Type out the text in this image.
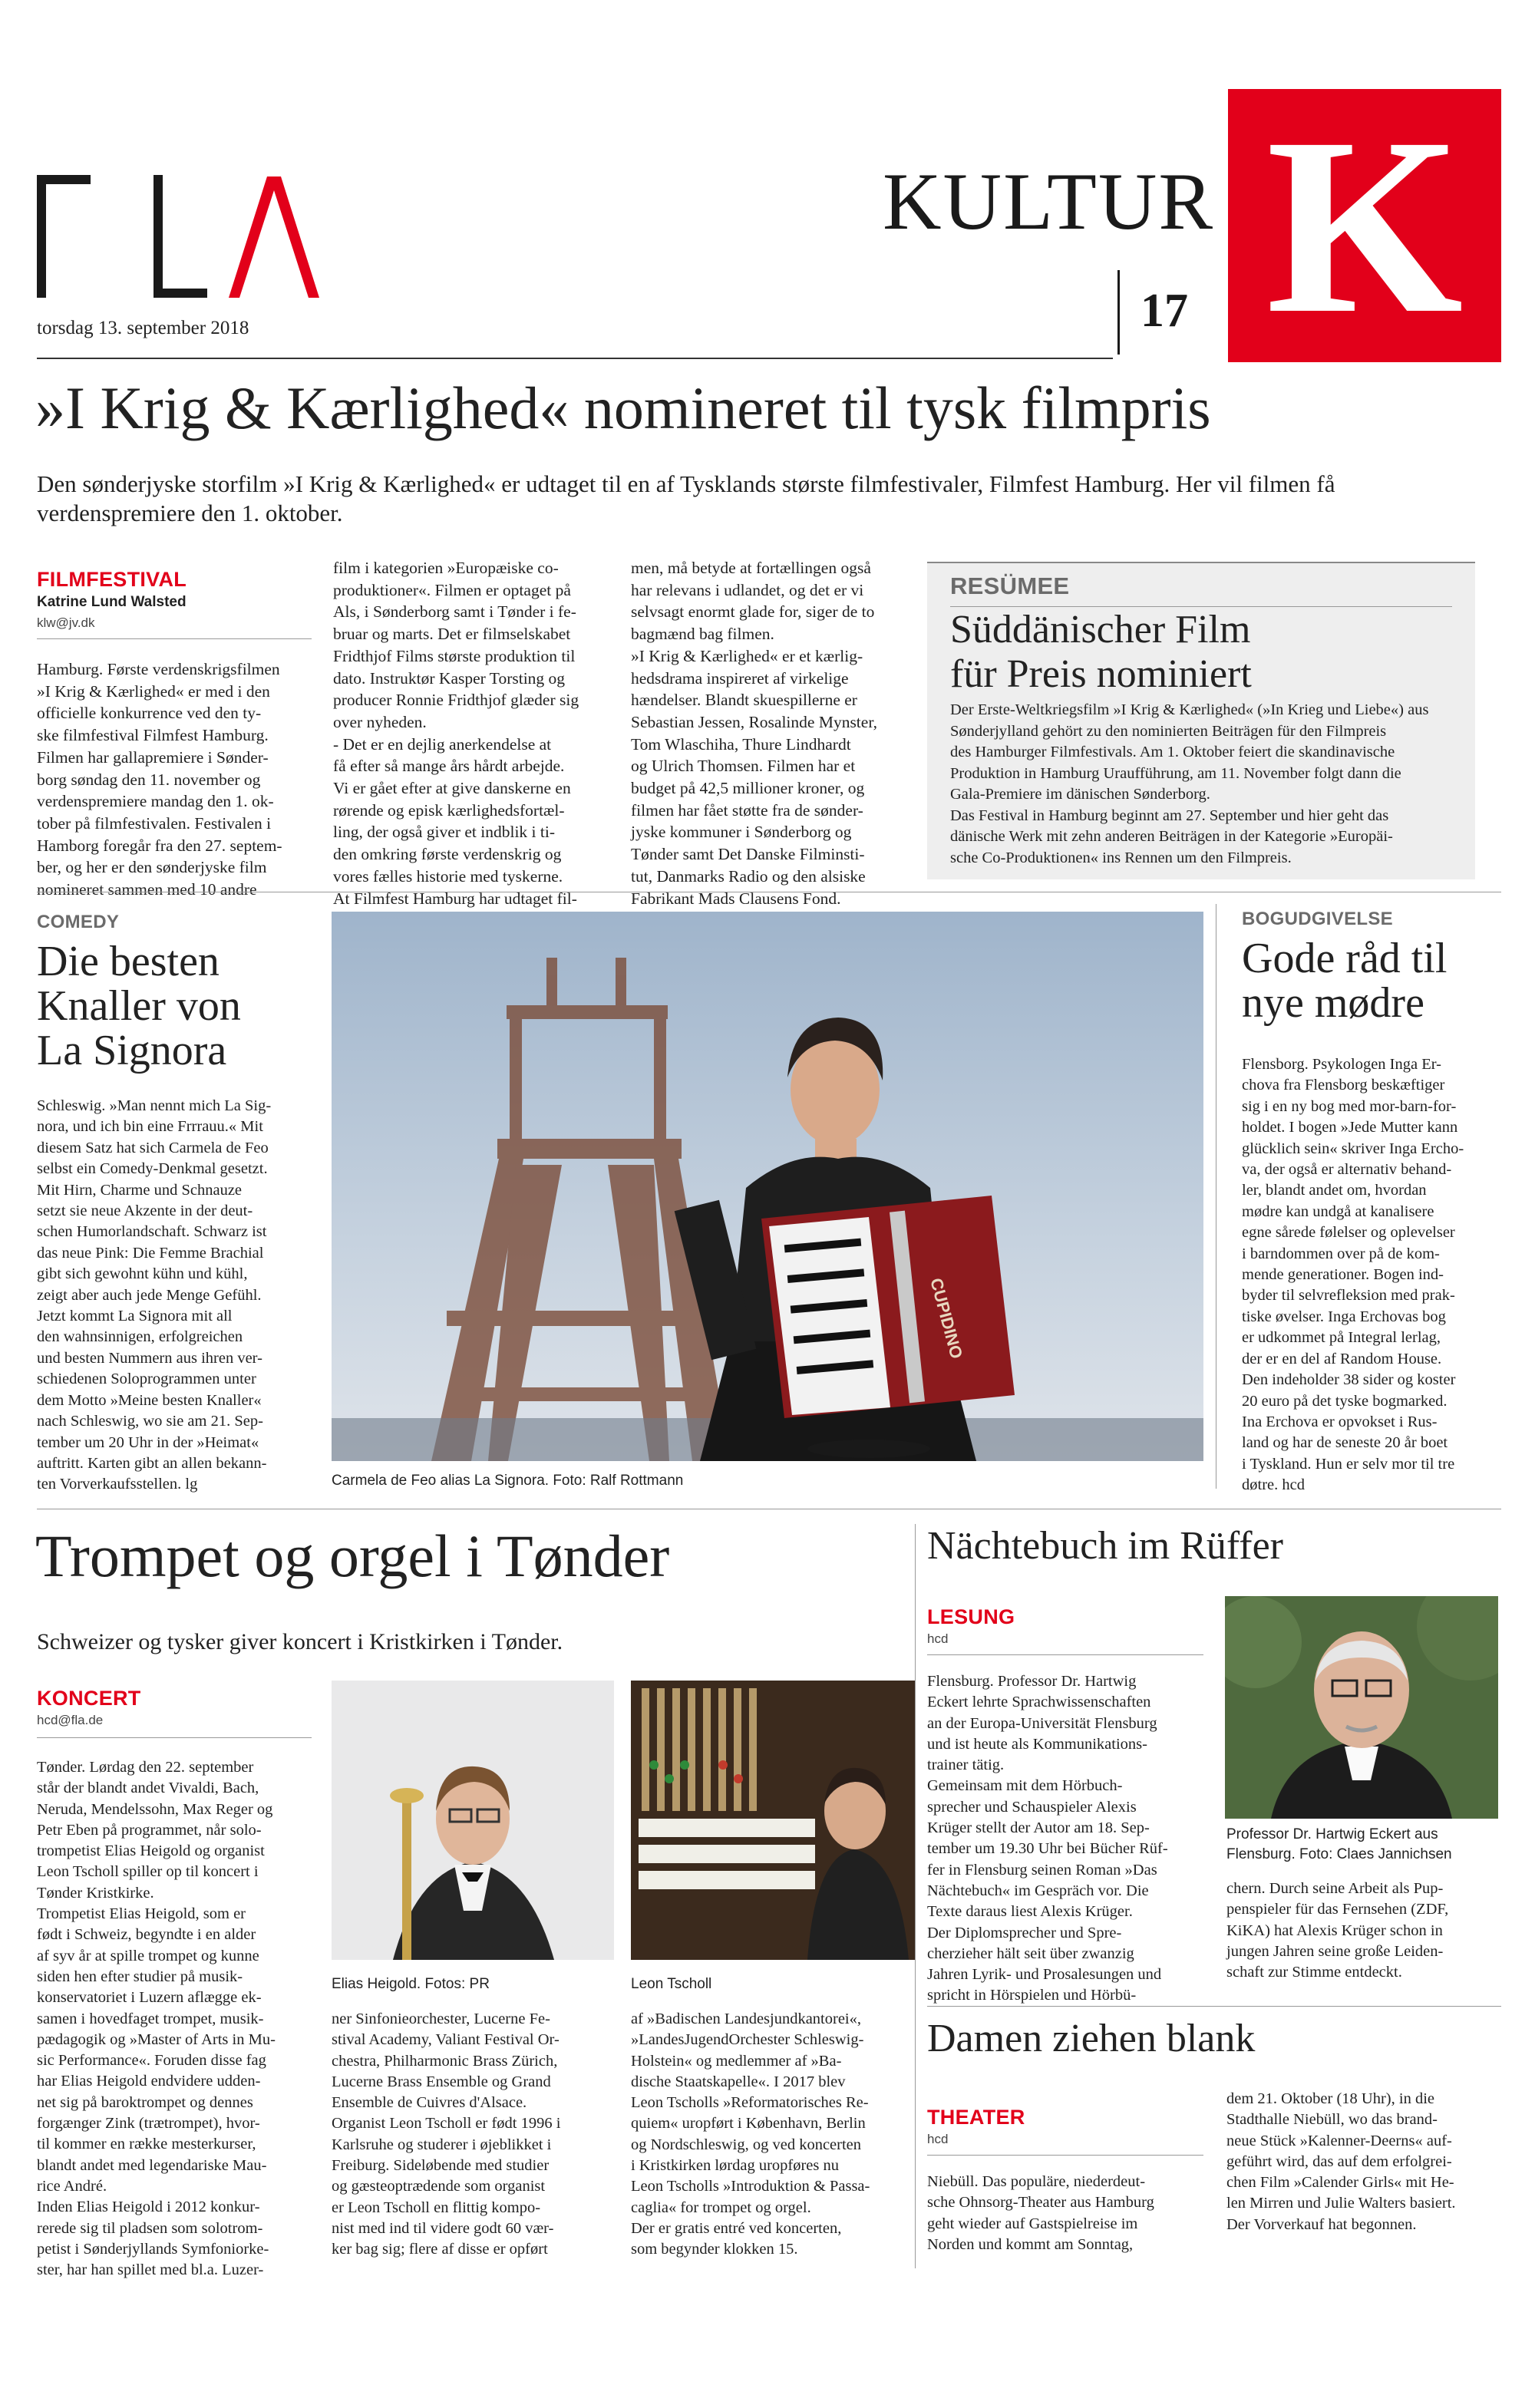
torsdag 13. september 2018
KULTUR
17 K
»I Krig & Kærlighed« nomineret til tysk filmpris

Den sønderjyske storfilm »I Krig & Kærlighed« er udtaget til en af Tysklands største filmfestivaler, Filmfest Hamburg. Her vil filmen få verdenspremiere den 1. oktober.

FILMFESTIVAL
Katrine Lund Walsted
klw@jv.dk

Hamburg. Første verdenskrigsfilmen
»I Krig & Kærlighed« er med i den
officielle konkurrence ved den ty-
ske filmfestival Filmfest Hamburg.
Filmen har gallapremiere i Sønder-
borg søndag den 11. november og
verdenspremiere mandag den 1. ok-
tober på filmfestivalen. Festivalen i
Hamborg foregår fra den 27. septem-
ber, og her er den sønderjyske film
nomineret sammen med 10 andre

film i kategorien »Europæiske co-
produktioner«. Filmen er optaget på
Als, i Sønderborg samt i Tønder i fe-
bruar og marts. Det er filmselskabet
Fridthjof Films største produktion til
dato. Instruktør Kasper Torsting og
producer Ronnie Fridthjof glæder sig
over nyheden.
- Det er en dejlig anerkendelse at
få efter så mange års hårdt arbejde.
Vi er gået efter at give danskerne en
rørende og episk kærlighedsfortæl-
ling, der også giver et indblik i ti-
den omkring første verdenskrig og
vores fælles historie med tyskerne.
At Filmfest Hamburg har udtaget fil-

men, må betyde at fortællingen også
har relevans i udlandet, og det er vi
selvsagt enormt glade for, siger de to
bagmænd bag filmen.
»I Krig & Kærlighed« er et kærlig-
hedsdrama inspireret af virkelige
hændelser. Blandt skuespillerne er
Sebastian Jessen, Rosalinde Mynster,
Tom Wlaschiha, Thure Lindhardt
og Ulrich Thomsen. Filmen har et
budget på 42,5 millioner kroner, og
filmen har fået støtte fra de sønder-
jyske kommuner i Sønderborg og
Tønder samt Det Danske Filminsti-
tut, Danmarks Radio og den alsiske
Fabrikant Mads Clausens Fond.

RESÜMEE
Süddänischer Film
für Preis nominiert

Der Erste-Weltkriegsfilm »I Krig & Kærlighed« (»In Krieg und Liebe«) aus
Sønderjylland gehört zu den nominierten Beiträgen für den Filmpreis
des Hamburger Filmfestivals. Am 1. Oktober feiert die skandinavische
Produktion in Hamburg Uraufführung, am 11. November folgt dann die
Gala-Premiere im dänischen Sønderborg.
Das Festival in Hamburg beginnt am 27. September und hier geht das
dänische Werk mit zehn anderen Beiträgen in der Kategorie »Europäi-
sche Co-Produktionen« ins Rennen um den Filmpreis.

COMEDY
Die besten
Knaller von
La Signora

Schleswig. »Man nennt mich La Sig-
nora, und ich bin eine Frrrauu.« Mit
diesem Satz hat sich Carmela de Feo
selbst ein Comedy-Denkmal gesetzt.
Mit Hirn, Charme und Schnauze
setzt sie neue Akzente in der deut-
schen Humorlandschaft. Schwarz ist
das neue Pink: Die Femme Brachial
gibt sich gewohnt kühn und kühl,
zeigt aber auch jede Menge Gefühl.
Jetzt kommt La Signora mit all
den wahnsinnigen, erfolgreichen
und besten Nummern aus ihren ver-
schiedenen Soloprogrammen unter
dem Motto »Meine besten Knaller«
nach Schleswig, wo sie am 21. Sep-
tember um 20 Uhr in der »Heimat«
auftritt. Karten gibt an allen bekann-
ten Vorverkaufsstellen. lg

CUPIDINO
Carmela de Feo alias La Signora. Foto: Ralf Rottmann
BOGUDGIVELSE
Gode råd til
nye mødre

Flensborg. Psykologen Inga Er-
chova fra Flensborg beskæftiger
sig i en ny bog med mor-barn-for-
holdet. I bogen »Jede Mutter kann
glücklich sein« skriver Inga Ercho-
va, der også er alternativ behand-
ler, blandt andet om, hvordan
mødre kan undgå at kanalisere
egne sårede følelser og oplevelser
i barndommen over på de kom-
mende generationer. Bogen ind-
byder til selvrefleksion med prak-
tiske øvelser. Inga Erchovas bog
er udkommet på Integral lerlag,
der er en del af Random House.
Den indeholder 38 sider og koster
20 euro på det tyske bogmarked.
Ina Erchova er opvokset i Rus-
land og har de seneste 20 år boet
i Tyskland. Hun er selv mor til tre
døtre. hcd

Trompet og orgel i Tønder

Schweizer og tysker giver koncert i Kristkirken i Tønder.

KONCERT
hcd@fla.de

Tønder. Lørdag den 22. september
står der blandt andet Vivaldi, Bach,
Neruda, Mendelssohn, Max Reger og
Petr Eben på programmet, når solo-
trompetist Elias Heigold og organist
Leon Tscholl spiller op til koncert i
Tønder Kristkirke.
Trompetist Elias Heigold, som er
født i Schweiz, begyndte i en alder
af syv år at spille trompet og kunne
siden hen efter studier på musik-
konservatoriet i Luzern aflægge ek-
samen i hovedfaget trompet, musik-
pædagogik og »Master of Arts in Mu-
sic Performance«. Foruden disse fag
har Elias Heigold endvidere udden-
net sig på baroktrompet og dennes
forgænger Zink (trætrompet), hvor-
til kommer en række mesterkurser,
blandt andet med legendariske Mau-
rice André.
Inden Elias Heigold i 2012 konkur-
rerede sig til pladsen som solotrom-
petist i Sønderjyllands Symfoniorke-
ster, har han spillet med bl.a. Luzer-

Elias Heigold. Fotos: PR	Leon Tscholl

ner Sinfonieorchester, Lucerne Fe-
stival Academy, Valiant Festival Or-
chestra, Philharmonic Brass Zürich,
Lucerne Brass Ensemble og Grand
Ensemble de Cuivres d'Alsace.
Organist Leon Tscholl er født 1996 i
Karlsruhe og studerer i øjeblikket i
Freiburg. Sideløbende med studier
og gæsteoptrædende som organist
er Leon Tscholl en flittig kompo-
nist med ind til videre godt 60 vær-
ker bag sig; flere af disse er opført

af »Badischen Landesjundkantorei«,
»LandesJugendOrchester Schleswig-
Holstein« og medlemmer af »Ba-
dische Staatskapelle«. I 2017 blev
Leon Tscholls »Reformatorisches Re-
quiem« uropført i København, Berlin
og Nordschleswig, og ved koncerten
i Kristkirken lørdag uropføres nu
Leon Tscholls »Introduktion & Passa-
caglia« for trompet og orgel.
Der er gratis entré ved koncerten,
som begynder klokken 15.

Nächtebuch im Rüffer
LESUNG
hcd

Flensburg. Professor Dr. Hartwig
Eckert lehrte Sprachwissenschaften
an der Europa-Universität Flensburg
und ist heute als Kommunikations-
trainer tätig.
Gemeinsam mit dem Hörbuch-
sprecher und Schauspieler Alexis
Krüger stellt der Autor am 18. Sep-
tember um 19.30 Uhr bei Bücher Rüf-
fer in Flensburg seinen Roman »Das
Nächtebuch« im Gespräch vor. Die
Texte daraus liest Alexis Krüger.
Der Diplomsprecher und Spre-
cherzieher hält seit über zwanzig
Jahren Lyrik- und Prosalesungen und
spricht in Hörspielen und Hörbü-

Professor Dr. Hartwig Eckert aus
Flensburg. Foto: Claes Jannichsen

chern. Durch seine Arbeit als Pup-
penspieler für das Fernsehen (ZDF,
KiKA) hat Alexis Krüger schon in
jungen Jahren seine große Leiden-
schaft zur Stimme entdeckt.

Damen ziehen blank
THEATER
hcd

Niebüll. Das populäre, niederdeut-
sche Ohnsorg-Theater aus Hamburg
geht wieder auf Gastspielreise im
Norden und kommt am Sonntag,

dem 21. Oktober (18 Uhr), in die
Stadthalle Niebüll, wo das brand-
neue Stück »Kalenner-Deerns« auf-
geführt wird, das auf dem erfolgrei-
chen Film »Calender Girls« mit He-
len Mirren und Julie Walters basiert.
Der Vorverkauf hat begonnen.
